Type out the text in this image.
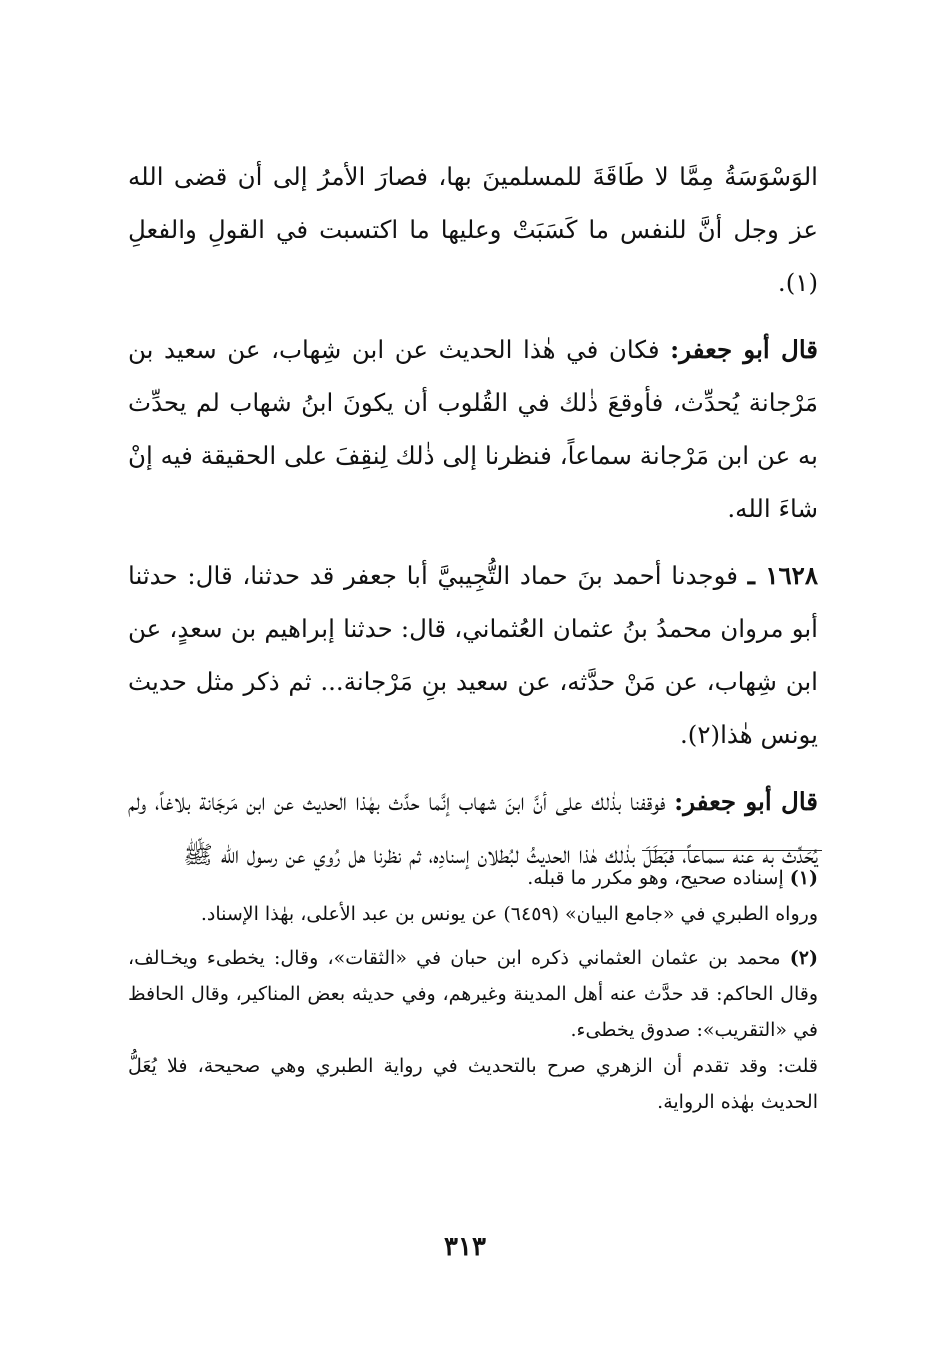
الوَسْوَسَةُ مِمَّا لا طَاقَةَ للمسلمينَ بها، فصارَ الأمرُ إلى أن قضى الله عز وجل أنَّ للنفس ما كَسَبَتْ وعليها ما اكتسبت في القولِ والفعلِ (١).

قال أبو جعفر: فكان في هٰذا الحديث عن ابن شِهاب، عن سعيد بن مَرْجانة يُحدِّث، فأوقعَ ذٰلك في القُلوب أن يكونَ ابنُ شهاب لم يحدِّث به عن ابن مَرْجانة سماعاً، فنظرنا إلى ذٰلك لِنقِفَ على الحقيقة فيه إنْ شاءَ الله.

١٦٢٨ ـ فوجدنا أحمد بنَ حماد التُّجِيبيَّ أبا جعفر قد حدثنا، قال: حدثنا أبو مروان محمدُ بنُ عثمان العُثماني، قال: حدثنا إبراهيم بن سعدٍ، عن ابن شِهاب، عن مَنْ حدَّثه، عن سعيد بنِ مَرْجانة... ثم ذكر مثل حديث يونس هٰذا(٢).

قال أبو جعفر: فوقفنا بذٰلك على أنَّ ابنَ شهاب إنَّما حدَّث بهٰذا الحديث عن ابن مَرجَانة بلاغاً، ولم يُحَدِّث به عنه سماعاً، فبَطَلَ بذٰلك هٰذا الحديثُ لبُطلان إسنادِه، ثم نظرنا هل رُوي عن رسول الله ﷺ

(١) إسناده صحيح، وهو مكرر ما قبله.

ورواه الطبري في «جامع البيان» (٦٤٥٩) عن يونس بن عبد الأعلى، بهٰذا الإسناد.

(٢) محمد بن عثمان العثماني ذكره ابن حبان في «الثقات»، وقال: يخطىء ويخـالف، وقال الحاكم: قد حدَّث عنه أهل المدينة وغيرهم، وفي حديثه بعض المناكير، وقال الحافظ في «التقريب»: صدوق يخطىء.

قلت: وقد تقدم أن الزهري صرح بالتحديث في رواية الطبري وهي صحيحة، فلا يُعَلُّ الحديث بهٰذه الرواية.

٣١٣
